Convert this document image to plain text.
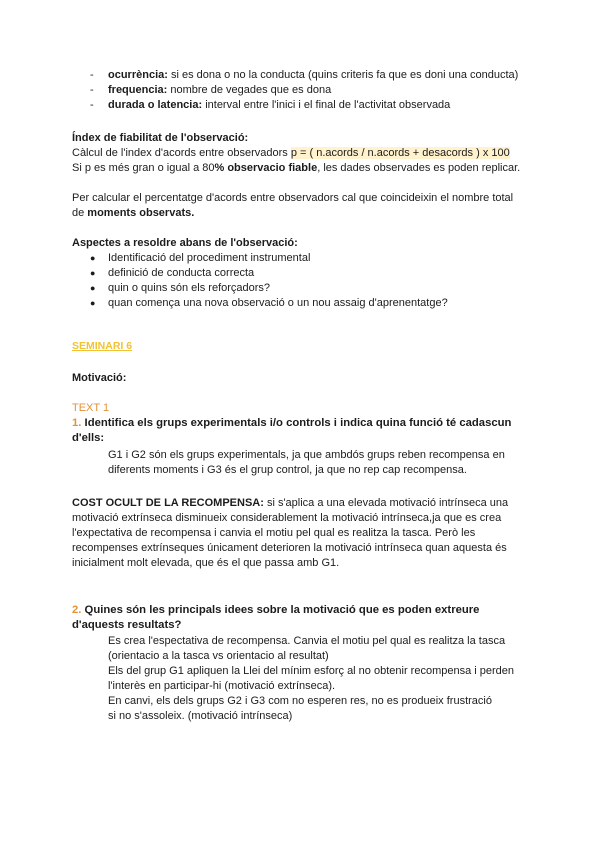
- ocurrència: si es dona o no la conducta (quins criteris fa que es doni una conducta)
- frequencia: nombre de vegades que es dona
- durada o latencia: interval entre l'inici i el final de l'activitat observada

Índex de fiabilitat de l'observació:

Càlcul de l'index d'acords entre observadors p = ( n.acords / n.acords + desacords ) x 100

Si p es més gran o igual a 80% observacio fiable, les dades observades es poden replicar.

Per calcular el percentatge d'acords entre observadors cal que coincideixin el nombre total

de moments observats.

Aspectes a resoldre abans de l'observació:

● Identificació del procediment instrumental
● definició de conducta correcta
● quin o quins són els reforçadors?
● quan comença una nova observació o un nou assaig d'aprenentatge?

SEMINARI 6

Motivació:

TEXT 1

1. Identifica els grups experimentals i/o controls i indica quina funció té cadascun d'ells:

G1 i G2 són els grups experimentals, ja que ambdós grups reben recompensa en

diferents moments i G3 és el grup control, ja que no rep cap recompensa.

COST OCULT DE LA RECOMPENSA: si s'aplica a una elevada motivació intrínseca una

motivació extrínseca disminueix considerablement la motivació intrínseca,ja que es crea

l'expectativa de recompensa i canvia el motiu pel qual es realitza la tasca. Però les

recompenses extrínseques únicament deterioren la motivació intrínseca quan aquesta és

inicialment molt elevada, que és el que passa amb G1.

2. Quines són les principals idees sobre la motivació que es poden extreure d'aquests resultats?

Es crea l'espectativa de recompensa. Canvia el motiu pel qual es realitza la tasca

(orientacio a la tasca vs orientacio al resultat)

Els del grup G1 apliquen la Llei del mínim esforç al no obtenir recompensa i perden

l'interès en participar-hi (motivació extrínseca).

En canvi, els dels grups G2 i G3 com no esperen res, no es produeix frustració

si no s'assoleix. (motivació intrínseca)
